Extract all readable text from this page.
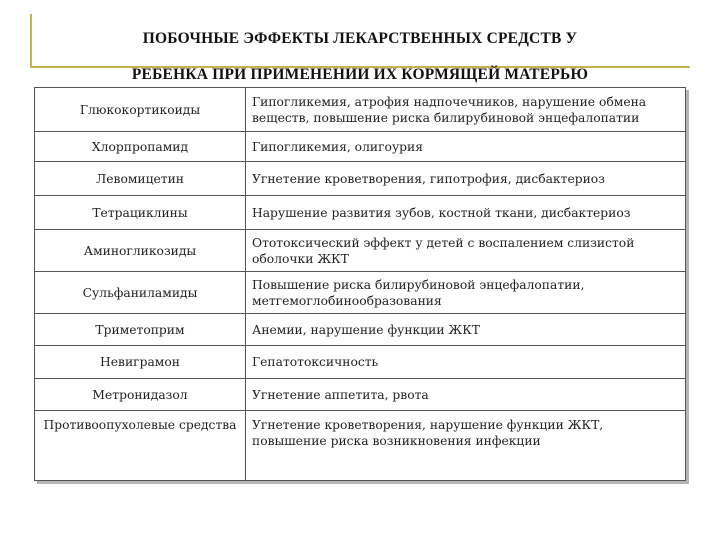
ПОБОЧНЫЕ ЭФФЕКТЫ ЛЕКАРСТВЕННЫХ СРЕДСТВ У
РЕБЕНКА ПРИ ПРИМЕНЕНИИ ИХ КОРМЯЩЕЙ МАТЕРЬЮ
Глюкокортикоиды	Гипогликемия, атрофия надпочечников, нарушение обмена веществ, повышение риска билирубиновой энцефалопатии
Хлорпропамид	Гипогликемия, олигоурия
Левомицетин	Угнетение кроветворения, гипотрофия, дисбактериоз
Тетрациклины	Нарушение развития зубов, костной ткани, дисбактериоз
Аминогликозиды	Ототоксический эффект у детей с воспалением слизистой оболочки ЖКТ
Сульфаниламиды	Повышение риска билирубиновой энцефалопатии, метгемоглобинообразования
Триметоприм	Анемии, нарушение функции ЖКТ
Невиграмон	Гепатотоксичность
Метронидазол	Угнетение аппетита, рвота
Противоопухолевые средства	Угнетение кроветворения, нарушение функции ЖКТ, повышение риска возникновения инфекции
